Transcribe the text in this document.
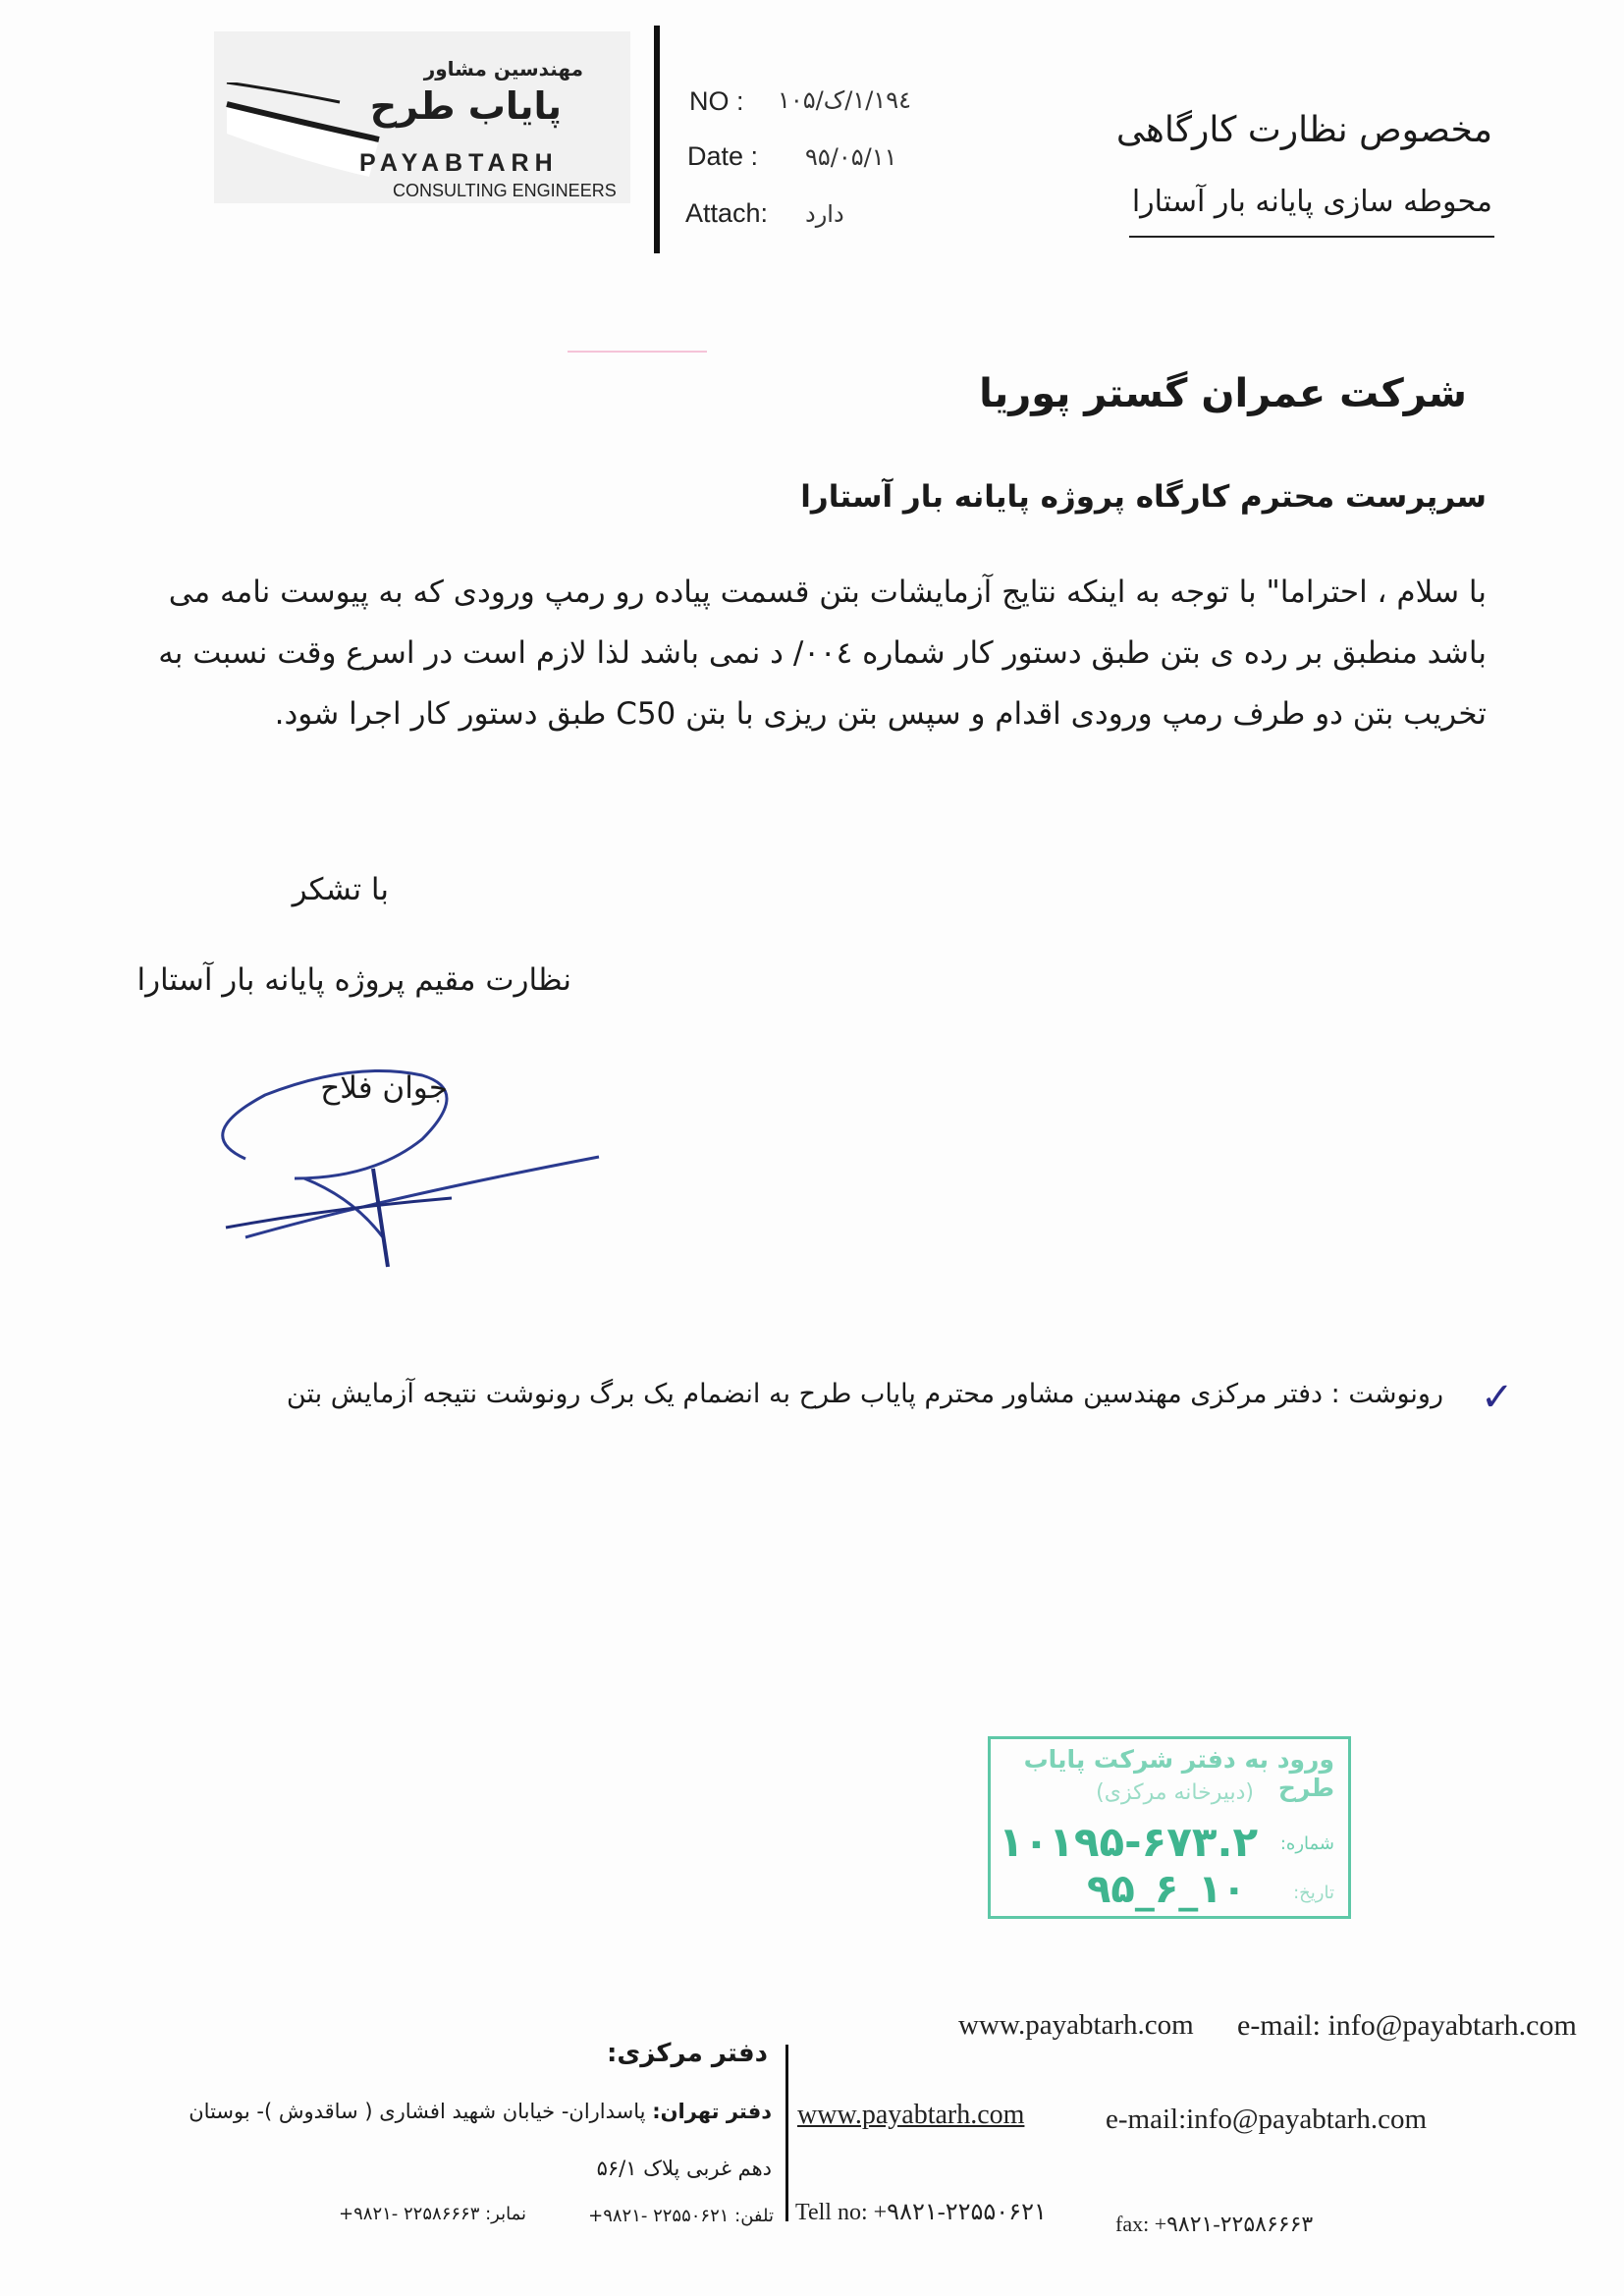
مهندسین مشاور
پایاب طرح
PAYABTARH
CONSULTING ENGINEERS
NO : ۱۹٤/۱/ک/۱۰۵
Date : ۹۵/۰۵/۱۱
Attach: دارد
مخصوص نظارت کارگاهی
محوطه سازی پایانه بار آستارا
شرکت عمران گستر پوریا
سرپرست محترم کارگاه پروژه پایانه بار آستارا
با سلام ، احتراما" با توجه به اینکه نتایج آزمایشات بتن قسمت پیاده رو رمپ ورودی که به پیوست نامه می باشد منطبق بر رده ی بتن طبق دستور کار شماره ۰۰٤/ د نمی باشد لذا لازم است در اسرع وقت نسبت به تخریب بتن دو طرف رمپ ورودی اقدام و سپس بتن ریزی با بتن C50 طبق دستور کار اجرا شود.
با تشکر
نظارت مقیم پروژه پایانه بار آستارا
جوان فلاح
✓
رونوشت : دفتر مرکزی مهندسین مشاور محترم پایاب طرح به انضمام یک برگ رونوشت نتیجه آزمایش بتن
ورود به دفتر شرکت پایاب طرح
(دبیرخانه مرکزی)
شماره:
تاریخ:
۱۰۱۹۵-۶۷۳.۲
۹۵_۶_۱۰
www.payabtarh.com e-mail: info@payabtarh.com
www.payabtarh.com	e-mail:info@payabtarh.com
Tell no: +۹۸۲۱-۲۲۵۵۰۶۲۱	fax: +۹۸۲۱-۲۲۵۸۶۶۶۳
دفتر مرکزی:
دفتر تهران: پاسداران- خیابان شهید افشاری ( ساقدوش )- بوستان
دهم غربی پلاک ۵۶/۱
تلفن: ۲۲۵۵۰۶۲۱ -۹۸۲۱+
نمابر: ۲۲۵۸۶۶۶۳ -۹۸۲۱+
